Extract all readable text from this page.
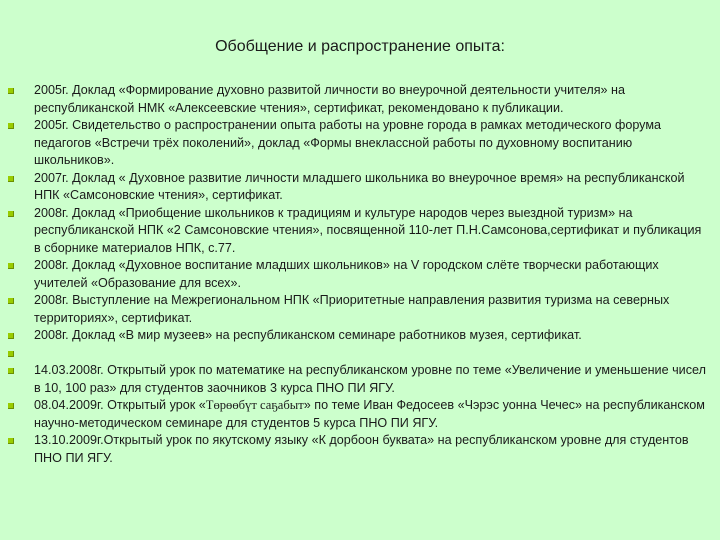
Обобщение и распространение опыта:
2005г. Доклад «Формирование духовно развитой личности во внеурочной деятельности учителя» на республиканской НМК «Алексеевские чтения», сертификат, рекомендовано к публикации.
2005г. Свидетельство о распространении опыта работы на уровне города в рамках методического форума педагогов «Встречи трёх поколений», доклад «Формы внеклассной работы по духовному воспитанию школьников».
2007г. Доклад « Духовное развитие личности младшего школьника во внеурочное время» на республиканской НПК «Самсоновские чтения», сертификат.
2008г. Доклад «Приобщение школьников к традициям и культуре народов через выездной туризм» на республиканской НПК «2 Самсоновские чтения», посвященной 110-лет П.Н.Самсонова,сертификат и публикация в сборнике материалов НПК, с.77.
2008г. Доклад «Духовное воспитание младших школьников» на V городском слёте творчески работающих учителей «Образование для всех».
2008г. Выступление на Межрегиональном НПК «Приоритетные направления развития туризма на северных территориях», сертификат.
2008г. Доклад «В мир музеев» на республиканском семинаре работников музея, сертификат.
14.03.2008г. Открытый урок по математике на республиканском уровне по теме «Увеличение и уменьшение чисел в 10, 100 раз» для студентов заочников 3 курса ПНО ПИ ЯГУ.
08.04.2009г. Открытый урок «Тɵрɵɵбүт саҕабыт» по теме Иван Федосеев «Чэрэс уонна Чечес» на республиканском научно-методическом семинаре для студентов 5 курса ПНО ПИ ЯГУ.
13.10.2009г.Открытый урок по якутскому языку «К дорбоон буквата» на республиканском уровне для студентов ПНО ПИ ЯГУ.
